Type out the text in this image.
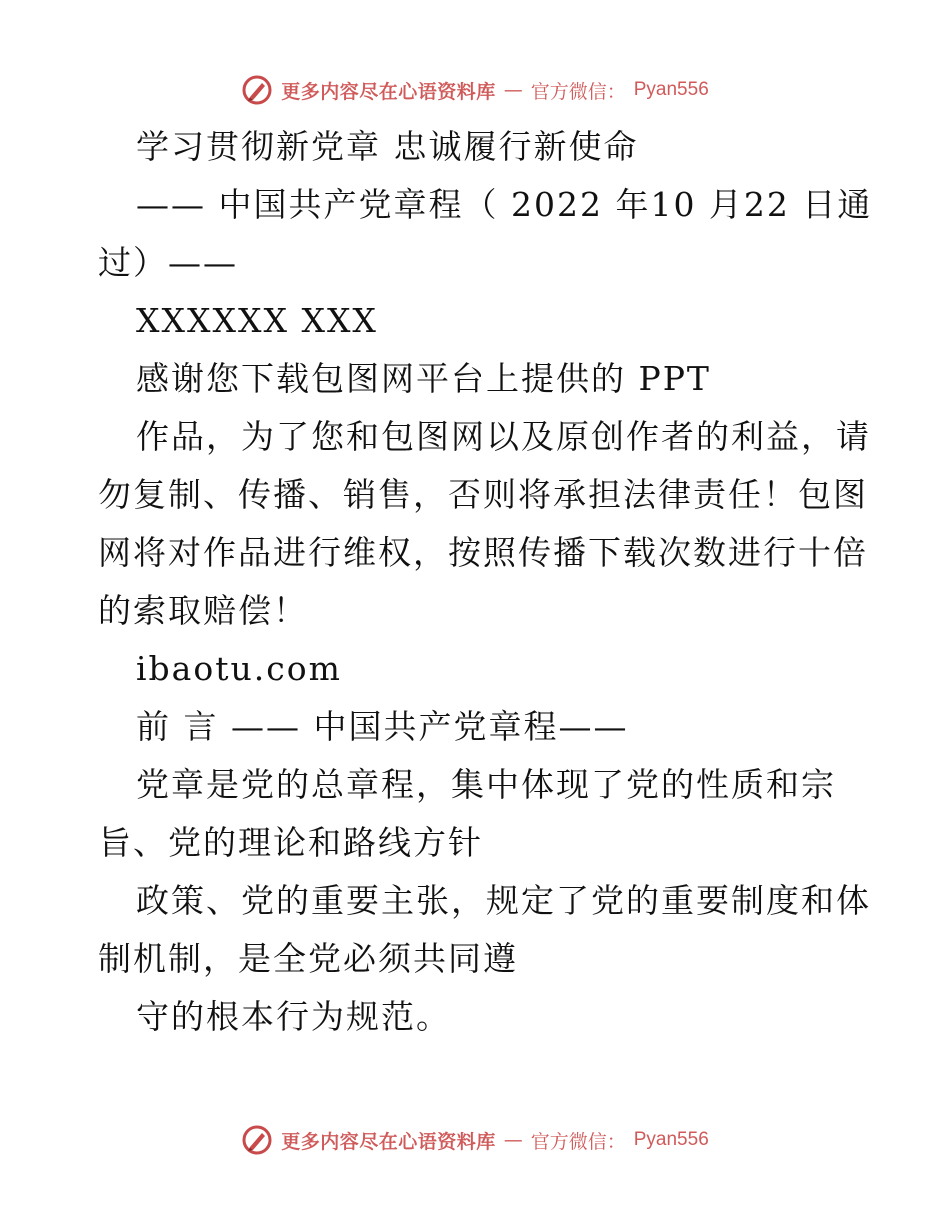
更多内容尽在心语资料库 — 官方微信： Pyan556
学习贯彻新党章 忠诚履行新使命
—— 中国共产党章程（ 2022 年10 月22 日通
过）——
XXXXXX XXX
感谢您下载包图网平台上提供的 PPT
作品，为了您和包图网以及原创作者的利益，请
勿复制、传播、销售，否则将承担法律责任！包图
网将对作品进行维权，按照传播下载次数进行十倍
的索取赔偿！
ibaotu.com
前 言 —— 中国共产党章程——
党章是党的总章程，集中体现了党的性质和宗
旨、党的理论和路线方针
政策、党的重要主张，规定了党的重要制度和体
制机制，是全党必须共同遵
守的根本行为规范。
更多内容尽在心语资料库 — 官方微信： Pyan556
